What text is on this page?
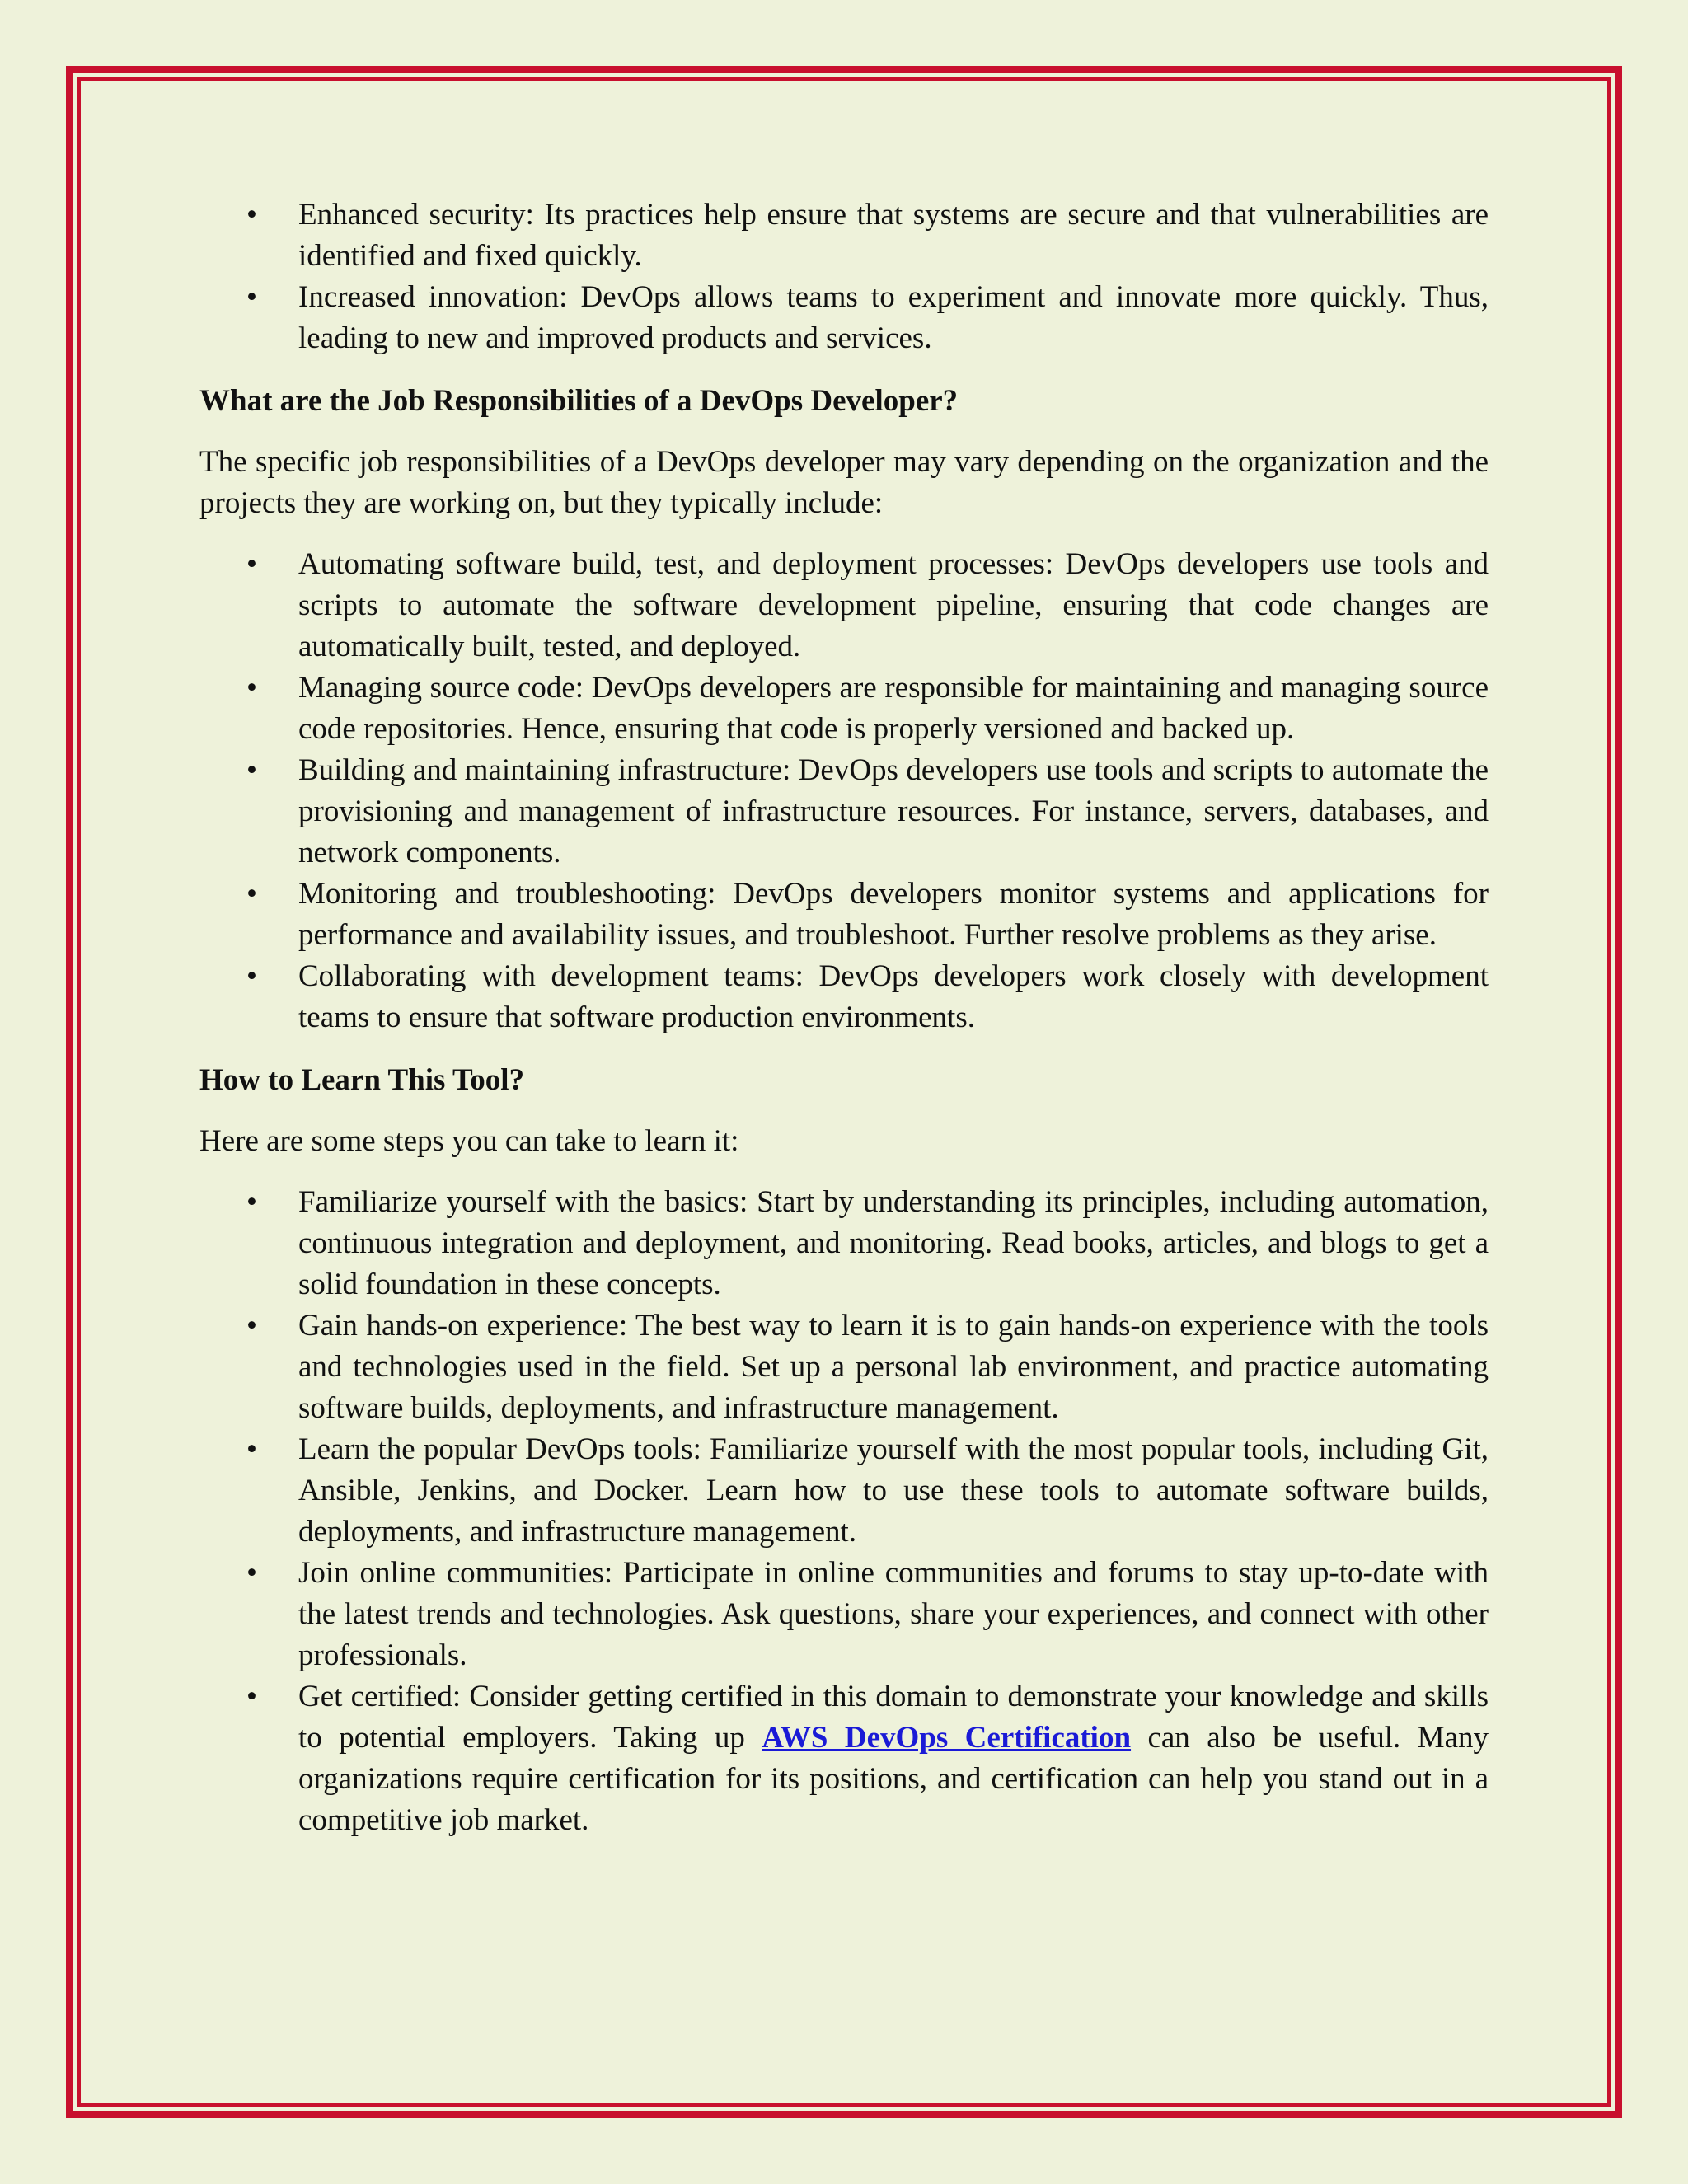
• Enhanced security: Its practices help ensure that systems are secure and that vulnerabilities are identified and fixed quickly.
• Increased innovation: DevOps allows teams to experiment and innovate more quickly. Thus, leading to new and improved products and services.
What are the Job Responsibilities of a DevOps Developer?

The specific job responsibilities of a DevOps developer may vary depending on the organization and the projects they are working on, but they typically include:

• Automating software build, test, and deployment processes: DevOps developers use tools and scripts to automate the software development pipeline, ensuring that code changes are automatically built, tested, and deployed.
• Managing source code: DevOps developers are responsible for maintaining and managing source code repositories. Hence, ensuring that code is properly versioned and backed up.
• Building and maintaining infrastructure: DevOps developers use tools and scripts to automate the provisioning and management of infrastructure resources. For instance, servers, databases, and network components.
• Monitoring and troubleshooting: DevOps developers monitor systems and applications for performance and availability issues, and troubleshoot. Further resolve problems as they arise.
• Collaborating with development teams: DevOps developers work closely with development teams to ensure that software production environments.
How to Learn This Tool?

Here are some steps you can take to learn it:

• Familiarize yourself with the basics: Start by understanding its principles, including automation, continuous integration and deployment, and monitoring. Read books, articles, and blogs to get a solid foundation in these concepts.
• Gain hands-on experience: The best way to learn it is to gain hands-on experience with the tools and technologies used in the field. Set up a personal lab environment, and practice automating software builds, deployments, and infrastructure management.
• Learn the popular DevOps tools: Familiarize yourself with the most popular tools, including Git, Ansible, Jenkins, and Docker. Learn how to use these tools to automate software builds, deployments, and infrastructure management.
• Join online communities: Participate in online communities and forums to stay up-to-date with the latest trends and technologies. Ask questions, share your experiences, and connect with other professionals.
• Get certified: Consider getting certified in this domain to demonstrate your knowledge and skills to potential employers. Taking up AWS DevOps Certification can also be useful. Many organizations require certification for its positions, and certification can help you stand out in a competitive job market.
